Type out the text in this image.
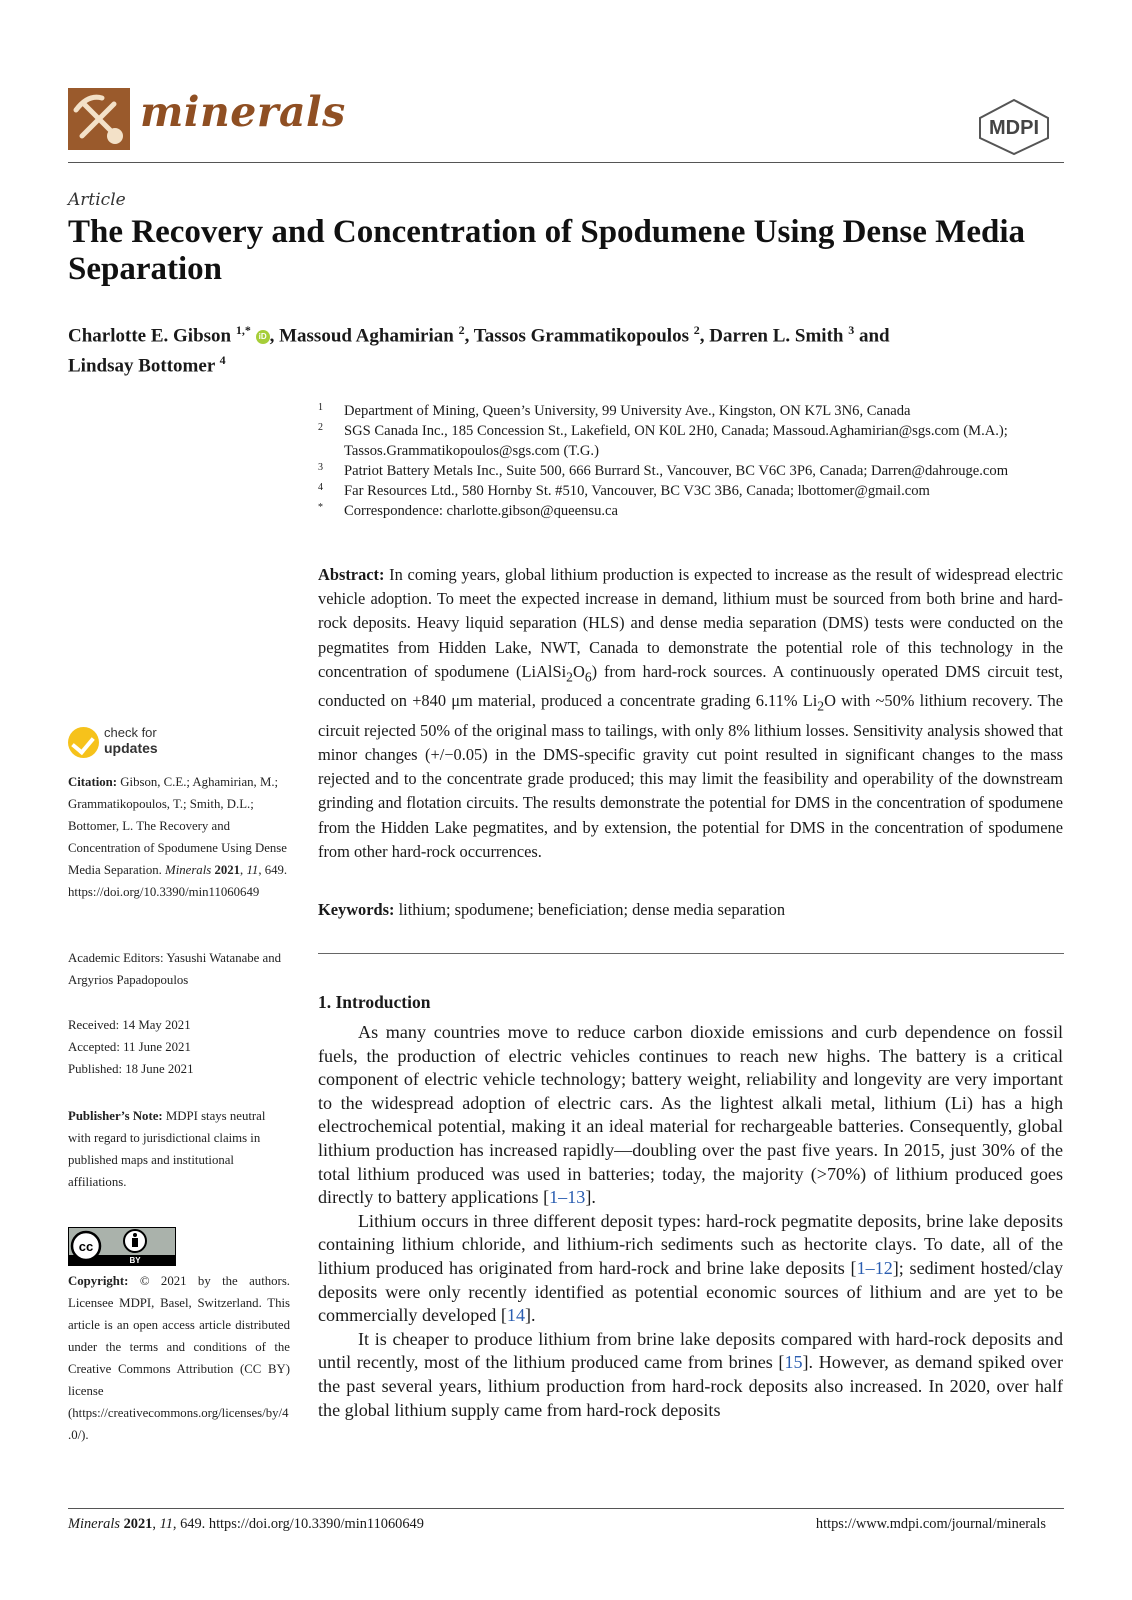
minerals	MDPI
Article
The Recovery and Concentration of Spodumene Using Dense Media Separation
Charlotte E. Gibson $^{1,*}$ iD , Massoud Aghamirian $^2$, Tassos Grammatikopoulos $^2$, Darren L. Smith $^3$ and
Lindsay Bottomer $^4$
1 Department of Mining, Queen’s University, 99 University Ave., Kingston, ON K7L 3N6, Canada
2 SGS Canada Inc., 185 Concession St., Lakefield, ON K0L 2H0, Canada; Massoud.Aghamirian@sgs.com (M.A.); Tassos.Grammatikopoulos@sgs.com (T.G.)
3 Patriot Battery Metals Inc., Suite 500, 666 Burrard St., Vancouver, BC V6C 3P6, Canada; Darren@dahrouge.com
4 Far Resources Ltd., 580 Hornby St. #510, Vancouver, BC V3C 3B6, Canada; lbottomer@gmail.com
* Correspondence: charlotte.gibson@queensu.ca
Abstract: In coming years, global lithium production is expected to increase as the result of widespread electric vehicle adoption. To meet the expected increase in demand, lithium must be sourced from both brine and hard-rock deposits. Heavy liquid separation (HLS) and dense media separation (DMS) tests were conducted on the pegmatites from Hidden Lake, NWT, Canada to demonstrate the potential role of this technology in the concentration of spodumene $(LiAlSi_2O_6)$ from hard-rock sources. A continuously operated DMS circuit test, conducted on +840 μm material, produced a concentrate grading 6.11% $Li_2O$ with ~50% lithium recovery. The circuit rejected 50% of the original mass to tailings, with only 8% lithium losses. Sensitivity analysis showed that minor changes (+/−0.05) in the DMS-specific gravity cut point resulted in significant changes to the mass rejected and to the concentrate grade produced; this may limit the feasibility and operability of the downstream grinding and flotation circuits. The results demonstrate the potential for DMS in the concentration of spodumene from the Hidden Lake pegmatites, and by extension, the potential for DMS in the concentration of spodumene from other hard-rock occurrences.
Keywords: lithium; spodumene; beneficiation; dense media separation
1. Introduction

As many countries move to reduce carbon dioxide emissions and curb dependence on fossil fuels, the production of electric vehicles continues to reach new highs. The battery is a critical component of electric vehicle technology; battery weight, reliability and longevity are very important to the widespread adoption of electric cars. As the lightest alkali metal, lithium (Li) has a high electrochemical potential, making it an ideal material for rechargeable batteries. Consequently, global lithium production has increased rapidly—doubling over the past five years. In 2015, just 30% of the total lithium produced was used in batteries; today, the majority (>70%) of lithium produced goes directly to battery applications [1–13].

Lithium occurs in three different deposit types: hard-rock pegmatite deposits, brine lake deposits containing lithium chloride, and lithium-rich sediments such as hectorite clays. To date, all of the lithium produced has originated from hard-rock and brine lake deposits [1–12]; sediment hosted/clay deposits were only recently identified as potential economic sources of lithium and are yet to be commercially developed [14].

It is cheaper to produce lithium from brine lake deposits compared with hard-rock deposits and until recently, most of the lithium produced came from brines [15]. However, as demand spiked over the past several years, lithium production from hard-rock deposits also increased. In 2020, over half the global lithium supply came from hard-rock deposits

check for
updates
Citation: Gibson, C.E.; Aghamirian, M.; Grammatikopoulos, T.; Smith, D.L.; Bottomer, L. The Recovery and Concentration of Spodumene Using Dense Media Separation. Minerals 2021, 11, 649. https://doi.org/10.3390/min11060649
Academic Editors: Yasushi Watanabe and Argyrios Papadopoulos
Received: 14 May 2021
Accepted: 11 June 2021
Published: 18 June 2021
Publisher’s Note: MDPI stays neutral with regard to jurisdictional claims in published maps and institutional affiliations.
cc
BY
Copyright: © 2021 by the authors. Licensee MDPI, Basel, Switzerland. This article is an open access article distributed under the terms and conditions of the Creative Commons Attribution (CC BY) license (https://creativecommons.org/licenses/by/4.0/).
Minerals 2021, 11, 649. https://doi.org/10.3390/min11060649	https://www.mdpi.com/journal/minerals
